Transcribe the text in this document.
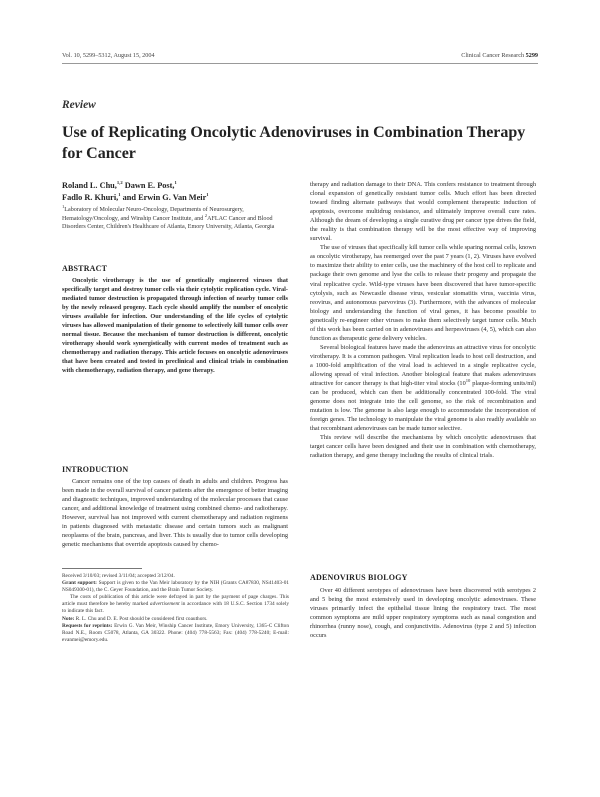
Vol. 10, 5299–5312, August 15, 2004	Clinical Cancer Research 5299
Review
Use of Replicating Oncolytic Adenoviruses in Combination Therapy for Cancer
Roland L. Chu,$^{1,2}$ Dawn E. Post,$^1$
Fadlo R. Khuri,$^1$ and Erwin G. Van Meir$^1$
$^1$Laboratory of Molecular Neuro-Oncology, Departments of Neurosurgery, Hematology/Oncology, and Winship Cancer Institute, and $^2$AFLAC Cancer and Blood Disorders Center, Children's Healthcare of Atlanta, Emory University, Atlanta, Georgia
ABSTRACT

Oncolytic virotherapy is the use of genetically engineered viruses that specifically target and destroy tumor cells via their cytolytic replication cycle. Viral-mediated tumor destruction is propagated through infection of nearby tumor cells by the newly released progeny. Each cycle should amplify the number of oncolytic viruses available for infection. Our understanding of the life cycles of cytolytic viruses has allowed manipulation of their genome to selectively kill tumor cells over normal tissue. Because the mechanism of tumor destruction is different, oncolytic virotherapy should work synergistically with current modes of treatment such as chemotherapy and radiation therapy. This article focuses on oncolytic adenoviruses that have been created and tested in preclinical and clinical trials in combination with chemotherapy, radiation therapy, and gene therapy.

INTRODUCTION

Cancer remains one of the top causes of death in adults and children. Progress has been made in the overall survival of cancer patients after the emergence of better imaging and diagnostic techniques, improved understanding of the molecular processes that cause cancer, and additional knowledge of treatment using combined chemo- and radiotherapy. However, survival has not improved with current chemotherapy and radiation regimens in patients diagnosed with metastatic disease and certain tumors such as malignant neoplasms of the brain, pancreas, and liver. This is usually due to tumor cells developing genetic mechanisms that override apoptosis caused by chemo-

Received 3/10/03; revised 3/11/04; accepted 3/12/04.

Grant support: Support is given to the Van Meir laboratory by the NIH (Grants CA87830, NS41403-01 NS049300-01), the C. Geyer Foundation, and the Brain Tumor Society.

The costs of publication of this article were defrayed in part by the payment of page charges. This article must therefore be hereby marked advertisement in accordance with 18 U.S.C. Section 1734 solely to indicate this fact.

Note: R. L. Chu and D. E. Post should be considered first coauthors.

Requests for reprints: Erwin G. Van Meir, Winship Cancer Institute, Emory University, 1365-C Clifton Road N.E., Room C5078, Atlanta, GA 30322. Phone: (404) 778-5563; Fax: (404) 778-5240; E-mail: evanmei@emory.edu.

therapy and radiation damage to their DNA. This confers resistance to treatment through clonal expansion of genetically resistant tumor cells. Much effort has been directed toward finding alternate pathways that would complement therapeutic induction of apoptosis, overcome multidrug resistance, and ultimately improve overall cure rates. Although the dream of developing a single curative drug per cancer type drives the field, the reality is that combination therapy will be the most effective way of improving survival.

The use of viruses that specifically kill tumor cells while sparing normal cells, known as oncolytic virotherapy, has reemerged over the past 7 years (1, 2). Viruses have evolved to maximize their ability to enter cells, use the machinery of the host cell to replicate and package their own genome and lyse the cells to release their progeny and propagate the viral replicative cycle. Wild-type viruses have been discovered that have tumor-specific cytolysis, such as Newcastle disease virus, vesicular stomatitis virus, vaccinia virus, reovirus, and autonomous parvovirus (3). Furthermore, with the advances of molecular biology and understanding the function of viral genes, it has become possible to genetically re-engineer other viruses to make them selectively target tumor cells. Much of this work has been carried on in adenoviruses and herpesviruses (4, 5), which can also function as therapeutic gene delivery vehicles.

Several biological features have made the adenovirus an attractive virus for oncolytic virotherapy. It is a common pathogen. Viral replication leads to host cell destruction, and a 1000-fold amplification of the viral load is achieved in a single replicative cycle, allowing spread of viral infection. Another biological feature that makes adenoviruses attractive for cancer therapy is that high-titer viral stocks ($10^{10}$ plaque-forming units/ml) can be produced, which can then be additionally concentrated 100-fold. The viral genome does not integrate into the cell genome, so the risk of recombination and mutation is low. The genome is also large enough to accommodate the incorporation of foreign genes. The technology to manipulate the viral genome is also readily available so that recombinant adenoviruses can be made tumor selective.

This review will describe the mechanisms by which oncolytic adenoviruses that target cancer cells have been designed and their use in combination with chemotherapy, radiation therapy, and gene therapy including the results of clinical trials.

ADENOVIRUS BIOLOGY

Over 40 different serotypes of adenoviruses have been discovered with serotypes 2 and 5 being the most extensively used in developing oncolytic adenoviruses. These viruses primarily infect the epithelial tissue lining the respiratory tract. The most common symptoms are mild upper respiratory symptoms such as nasal congestion and rhinorrhea (runny nose), cough, and conjunctivitis. Adenovirus (type 2 and 5) infection occurs
